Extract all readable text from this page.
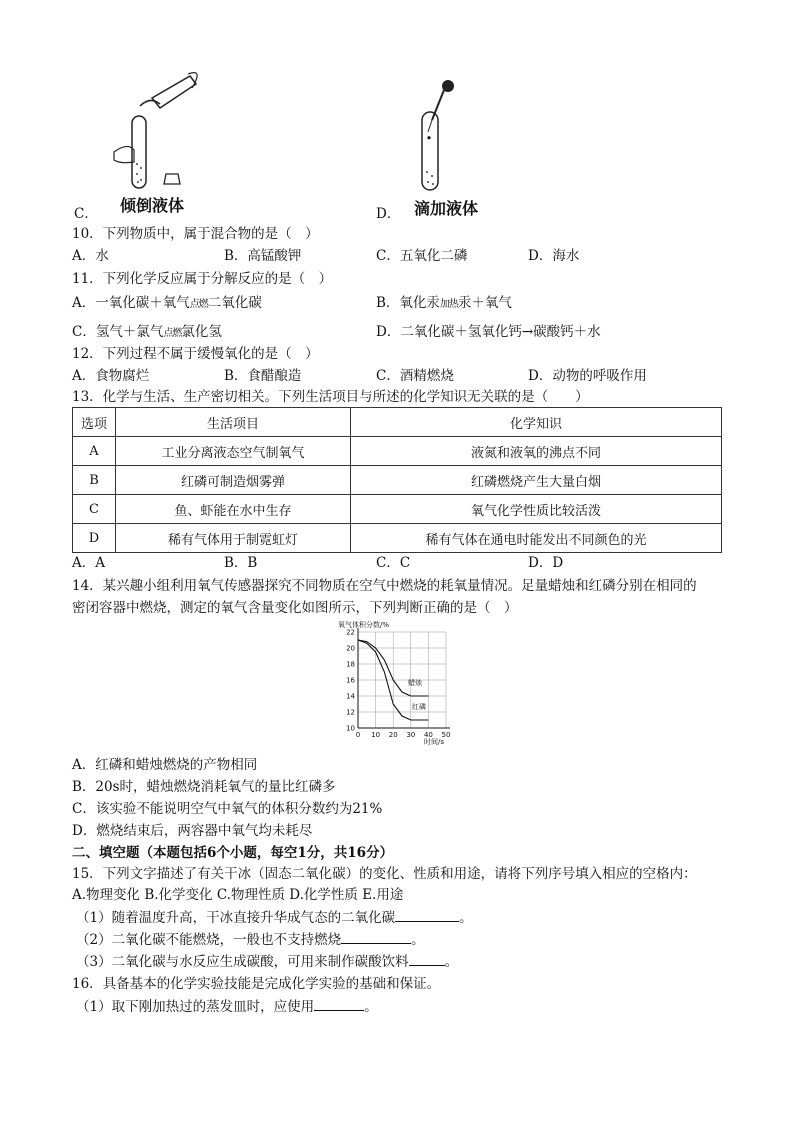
C． 倾倒液体	D． 滴加液体
10．下列物质中，属于混合物的是（　）
A．水	B．高锰酸钾	C．五氧化二磷	D．海水
11．下列化学反应属于分解反应的是（　）
A．一氧化碳＋氧气点燃二氧化碳	B．氧化汞加热汞＋氧气
C．氢气＋氯气点燃氯化氢	D．二氧化碳＋氢氧化钙→碳酸钙＋水
12．下列过程不属于缓慢氧化的是（　）
A．食物腐烂	B．食醋酿造	C．酒精燃烧	D．动物的呼吸作用
13．化学与生活、生产密切相关。下列生活项目与所述的化学知识无关联的是（　　）
选项	生活项目	化学知识
A	工业分离液态空气制氧气	液氮和液氧的沸点不同
B	红磷可制造烟雾弹	红磷燃烧产生大量白烟
C	鱼、虾能在水中生存	氧气化学性质比较活泼
D	稀有气体用于制霓虹灯	稀有气体在通电时能发出不同颜色的光
A．A	B．B	C．C	D．D
14．某兴趣小组利用氧气传感器探究不同物质在空气中燃烧的耗氧量情况。足量蜡烛和红磷分别在相同的
密闭容器中燃烧，测定的氧气含量变化如图所示，下列判断正确的是（　）
氧气体积分数/%
10
12
14
16
18
20
22
0 10 20 30 40 50
蜡烛
红磷
时间/s
A．红磷和蜡烛燃烧的产物相同
B．20s时，蜡烛燃烧消耗氧气的量比红磷多
C．该实验不能说明空气中氧气的体积分数约为21%
D．燃烧结束后，两容器中氧气均未耗尽
二、填空题（本题包括6个小题，每空1分，共16分）
15．下列文字描述了有关干冰（固态二氧化碳）的变化、性质和用途，请将下列序号填入相应的空格内：
A.物理变化 B.化学变化 C.物理性质 D.化学性质 E.用途
（1）随着温度升高，干冰直接升华成气态的二氧化碳	。
（2）二氧化碳不能燃烧，一般也不支持燃烧	。
（3）二氧化碳与水反应生成碳酸，可用来制作碳酸饮料	。
16．具备基本的化学实验技能是完成化学实验的基础和保证。
（1）取下刚加热过的蒸发皿时，应使用	。
